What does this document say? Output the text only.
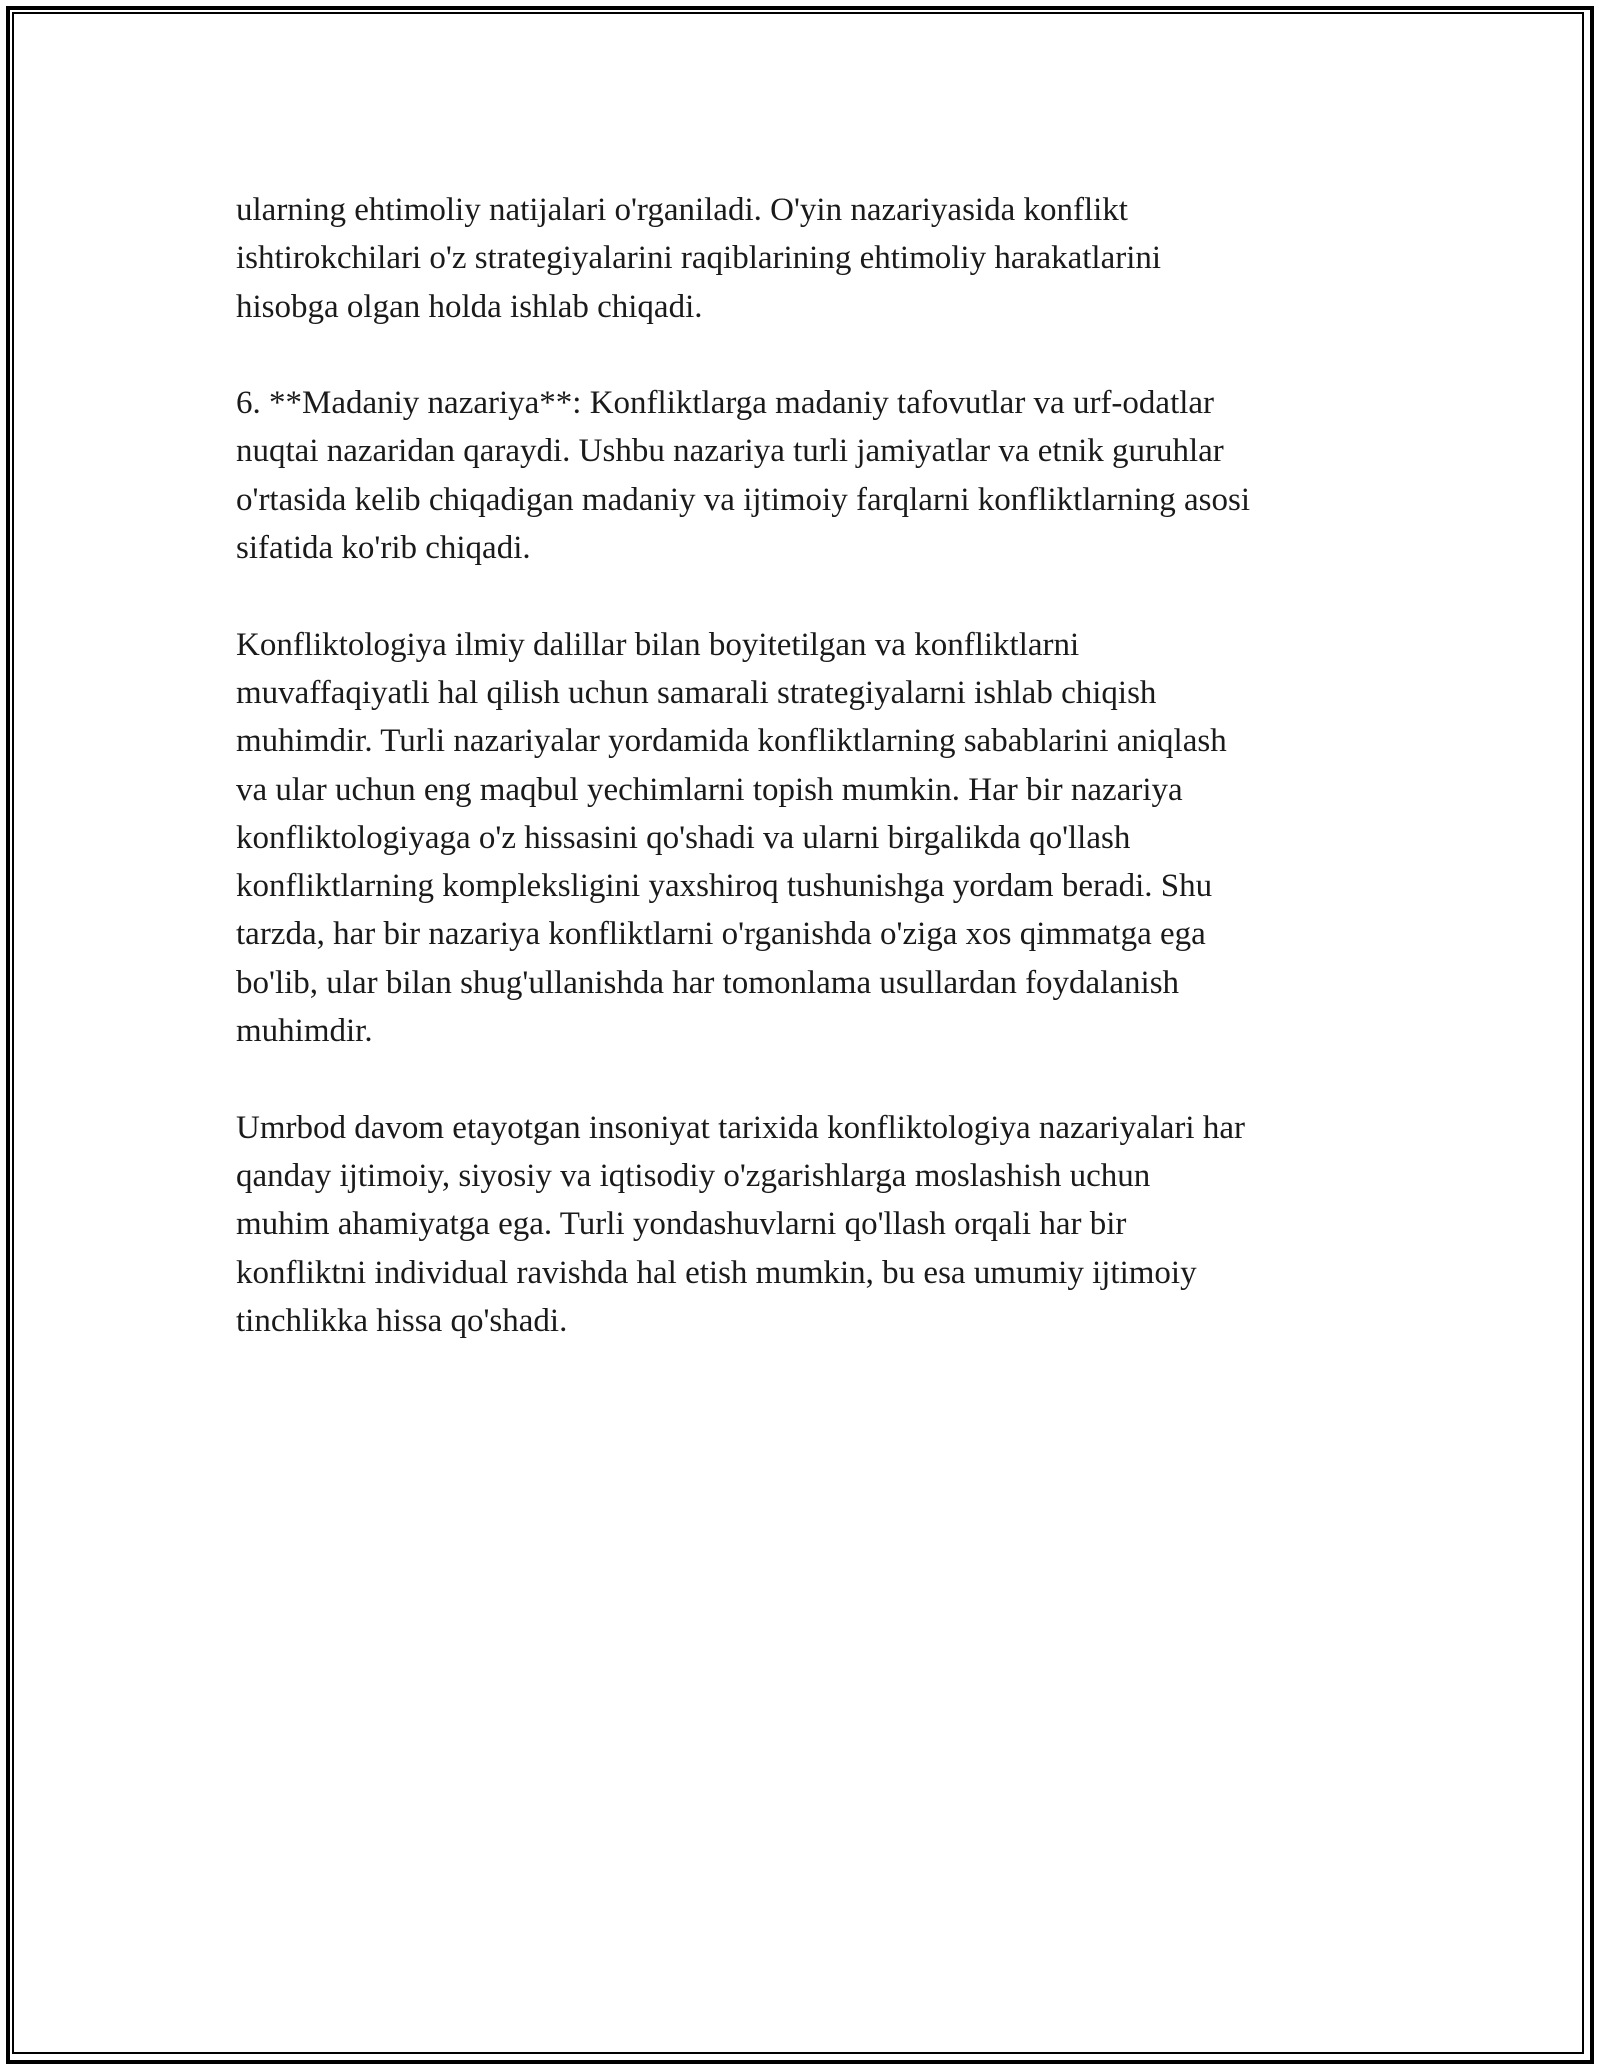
ularning ehtimoliy natijalari o'rganiladi. O'yin nazariyasida konflikt
ishtirokchilari o'z strategiyalarini raqiblarining ehtimoliy harakatlarini
hisobga olgan holda ishlab chiqadi.

6. **Madaniy nazariya**: Konfliktlarga madaniy tafovutlar va urf-odatlar
nuqtai nazaridan qaraydi. Ushbu nazariya turli jamiyatlar va etnik guruhlar
o'rtasida kelib chiqadigan madaniy va ijtimoiy farqlarni konfliktlarning asosi
sifatida ko'rib chiqadi.

Konfliktologiya ilmiy dalillar bilan boyitetilgan va konfliktlarni
muvaffaqiyatli hal qilish uchun samarali strategiyalarni ishlab chiqish
muhimdir. Turli nazariyalar yordamida konfliktlarning sabablarini aniqlash
va ular uchun eng maqbul yechimlarni topish mumkin. Har bir nazariya
konfliktologiyaga o'z hissasini qo'shadi va ularni birgalikda qo'llash
konfliktlarning kompleksligini yaxshiroq tushunishga yordam beradi. Shu
tarzda, har bir nazariya konfliktlarni o'rganishda o'ziga xos qimmatga ega
bo'lib, ular bilan shug'ullanishda har tomonlama usullardan foydalanish
muhimdir.

Umrbod davom etayotgan insoniyat tarixida konfliktologiya nazariyalari har
qanday ijtimoiy, siyosiy va iqtisodiy o'zgarishlarga moslashish uchun
muhim ahamiyatga ega. Turli yondashuvlarni qo'llash orqali har bir
konfliktni individual ravishda hal etish mumkin, bu esa umumiy ijtimoiy
tinchlikka hissa qo'shadi.
